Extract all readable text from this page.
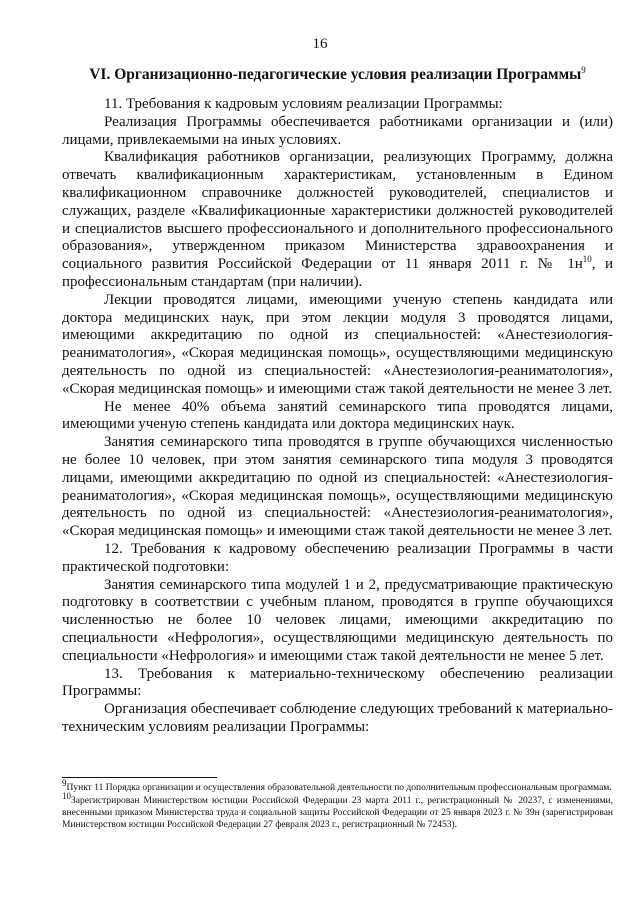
16

VI. Организационно-педагогические условия реализации Программы$^9$

11. Требования к кадровым условиям реализации Программы:

Реализация Программы обеспечивается работниками организации и (или) лицами, привлекаемыми на иных условиях.

Квалификация работников организации, реализующих Программу, должна отвечать квалификационным характеристикам, установленным в Едином квалификационном справочнике должностей руководителей, специалистов и служащих, разделе «Квалификационные характеристики должностей руководителей и специалистов высшего профессионального и дополнительного профессионального образования», утвержденном приказом Министерства здравоохранения и социального развития Российской Федерации от 11 января 2011 г. № $1н^{10}$, и профессиональным стандартам (при наличии).

Лекции проводятся лицами, имеющими ученую степень кандидата или доктора медицинских наук, при этом лекции модуля 3 проводятся лицами, имеющими аккредитацию по одной из специальностей: «Анестезиология-реаниматология», «Скорая медицинская помощь», осуществляющими медицинскую деятельность по одной из специальностей: «Анестезиология-реаниматология», «Скорая медицинская помощь» и имеющими стаж такой деятельности не менее 3 лет.

Не менее 40% объема занятий семинарского типа проводятся лицами, имеющими ученую степень кандидата или доктора медицинских наук.

Занятия семинарского типа проводятся в группе обучающихся численностью не более 10 человек, при этом занятия семинарского типа модуля 3 проводятся лицами, имеющими аккредитацию по одной из специальностей: «Анестезиология-реаниматология», «Скорая медицинская помощь», осуществляющими медицинскую деятельность по одной из специальностей: «Анестезиология-реаниматология», «Скорая медицинская помощь» и имеющими стаж такой деятельности не менее 3 лет.

12. Требования к кадровому обеспечению реализации Программы в части практической подготовки:

Занятия семинарского типа модулей 1 и 2, предусматривающие практическую подготовку в соответствии с учебным планом, проводятся в группе обучающихся численностью не более 10 человек лицами, имеющими аккредитацию по специальности «Нефрология», осуществляющими медицинскую деятельность по специальности «Нефрология» и имеющими стаж такой деятельности не менее 5 лет.

13. Требования к материально-техническому обеспечению реализации Программы:

Организация обеспечивает соблюдение следующих требований к материально-техническим условиям реализации Программы:

$^9$Пункт 11 Порядка организации и осуществления образовательной деятельности по дополнительным профессиональным программам.

$^{10}$Зарегистрирован Министерством юстиции Российской Федерации 23 марта 2011 г., регистрационный № 20237, с изменениями, внесенными приказом Министерства труда и социальной защиты Российской Федерации от 25 января 2023 г. № 39н (зарегистрирован Министерством юстиции Российской Федерации 27 февраля 2023 г., регистрационный № 72453).
